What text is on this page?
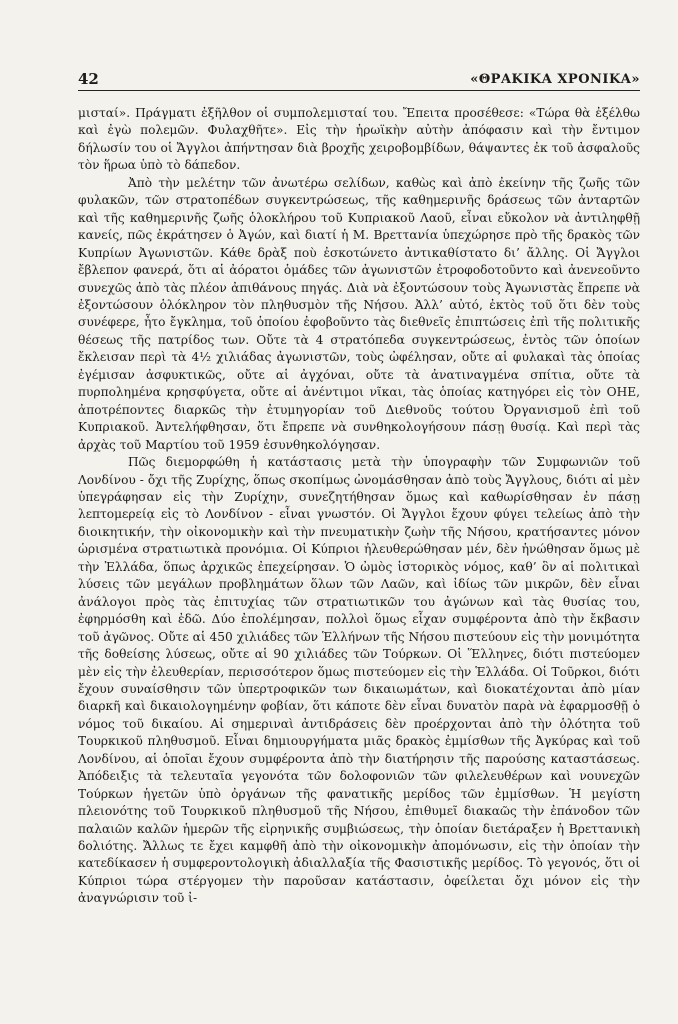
42	«ΘΡΑΚΙΚΑ ΧΡΟΝΙΚΑ»

μισταί». Πράγματι ἐξῆλθον οἱ συμπολεμισταί του. Ἔπειτα προσέθεσε: «Τώρα θὰ ἐξέλθω καὶ ἐγὼ πολεμῶν. Φυλαχθῆτε». Εἰς τὴν ἡρωϊκὴν αὐτὴν ἀπόφασιν καὶ τὴν ἔντιμον δήλωσίν του οἱ Ἄγγλοι ἀπήντησαν διὰ βροχῆς χειροβομβίδων, θάψαντες ἐκ τοῦ ἀσφαλοῦς τὸν ἥρωα ὑπὸ τὸ δάπεδον.

Ἀπὸ τὴν μελέτην τῶν ἀνωτέρω σελίδων, καθὼς καὶ ἀπὸ ἐκείνην τῆς ζωῆς τῶν φυλακῶν, τῶν στρατοπέδων συγκεντρώσεως, τῆς καθημερινῆς δράσεως τῶν ἀνταρτῶν καὶ τῆς καθημερινῆς ζωῆς ὁλοκλήρου τοῦ Κυπριακοῦ Λαοῦ, εἶναι εὔκολον νὰ ἀντιληφθῇ κανείς, πῶς ἐκράτησεν ὁ Ἀγών, καὶ διατί ἡ Μ. Βρεττανία ὑπεχώρησε πρὸ τῆς δρακὸς τῶν Κυπρίων Ἀγωνιστῶν. Κάθε δρὰξ ποὺ ἐσκοτώνετο ἀντικαθίστατο δι’ ἄλλης. Οἱ Ἄγγλοι ἔβλεπον φανερά, ὅτι αἱ ἀόρατοι ὁμάδες τῶν ἀγωνιστῶν ἐτροφοδοτοῦντο καὶ ἀνενεοῦντο συνεχῶς ἀπὸ τὰς πλέον ἀπιθάνους πηγάς. Διὰ νὰ ἐξοντώσουν τοὺς Ἀγωνιστὰς ἔπρεπε νὰ ἐξοντώσουν ὁλόκληρον τὸν πληθυσμὸν τῆς Νήσου. Ἀλλ’ αὐτό, ἐκτὸς τοῦ ὅτι δὲν τοὺς συνέφερε, ἦτο ἔγκλημα, τοῦ ὁποίου ἐφοβοῦντο τὰς διεθνεῖς ἐπιπτώσεις ἐπὶ τῆς πολιτικῆς θέσεως τῆς πατρίδος των. Οὔτε τὰ 4 στρατόπεδα συγκεντρώσεως, ἐντὸς τῶν ὁποίων ἔκλεισαν περὶ τὰ 4½ χιλιάδας ἀγωνιστῶν, τοὺς ὠφέλησαν, οὔτε αἱ φυλακαὶ τὰς ὁποίας ἐγέμισαν ἀσφυκτικῶς, οὔτε αἱ ἀγχόναι, οὔτε τὰ ἀνατιναγμένα σπίτια, οὔτε τὰ πυρπολημένα κρησφύγετα, οὔτε αἱ ἀνέντιμοι νῖκαι, τὰς ὁποίας κατηγόρει εἰς τὸν ΟΗΕ, ἀποτρέποντες διαρκῶς τὴν ἐτυμηγορίαν τοῦ Διεθνοῦς τούτου Ὀργανισμοῦ ἐπὶ τοῦ Κυπριακοῦ. Ἀντελήφθησαν, ὅτι ἔπρεπε νὰ συνθηκολογήσουν πάσῃ θυσίᾳ. Καὶ περὶ τὰς ἀρχὰς τοῦ Μαρτίου τοῦ 1959 ἐσυνθηκολόγησαν.

Πῶς διεμορφώθη ἡ κατάστασις μετὰ τὴν ὑπογραφὴν τῶν Συμφωνιῶν τοῦ Λονδίνου - ὄχι τῆς Ζυρίχης, ὅπως σκοπίμως ὠνομάσθησαν ἀπὸ τοὺς Ἄγγλους, διότι αἱ μὲν ὑπεγράφησαν εἰς τὴν Ζυρίχην, συνεζητήθησαν ὅμως καὶ καθωρίσθησαν ἐν πάσῃ λεπτομερείᾳ εἰς τὸ Λονδίνον - εἶναι γνωστόν. Οἱ Ἄγγλοι ἔχουν φύγει τελείως ἀπὸ τὴν διοικητικήν, τὴν οἰκονομικὴν καὶ τὴν πνευματικὴν ζωὴν τῆς Νήσου, κρατήσαντες μόνον ὡρισμένα στρατιωτικὰ προνόμια. Οἱ Κύπριοι ἠλευθερώθησαν μέν, δὲν ἡνώθησαν ὅμως μὲ τὴν Ἑλλάδα, ὅπως ἀρχικῶς ἐπεχείρησαν. Ὁ ὠμὸς ἱστορικὸς νόμος, καθ’ ὃν αἱ πολιτικαὶ λύσεις τῶν μεγάλων προβλημάτων ὅλων τῶν Λαῶν, καὶ ἰδίως τῶν μικρῶν, δὲν εἶναι ἀνάλογοι πρὸς τὰς ἐπιτυχίας τῶν στρατιωτικῶν του ἀγώνων καὶ τὰς θυσίας του, ἐφηρμόσθη καὶ ἐδῶ. Δύο ἐπολέμησαν, πολλοὶ ὅμως εἶχαν συμφέροντα ἀπὸ τὴν ἔκβασιν τοῦ ἀγῶνος. Οὔτε αἱ 450 χιλιάδες τῶν Ἑλλήνων τῆς Νήσου πιστεύουν εἰς τὴν μονιμότητα τῆς δοθείσης λύσεως, οὔτε αἱ 90 χιλιάδες τῶν Τούρκων. Οἱ Ἕλληνες, διότι πιστεύομεν μὲν εἰς τὴν ἐλευθερίαν, περισσότερον ὅμως πιστεύομεν εἰς τὴν Ἑλλάδα. Οἱ Τοῦρκοι, διότι ἔχουν συναίσθησιν τῶν ὑπερτροφικῶν των δικαιωμάτων, καὶ διοκατέχονται ἀπὸ μίαν διαρκῆ καὶ δικαιολογημένην φοβίαν, ὅτι κάποτε δὲν εἶναι δυνατὸν παρὰ νὰ ἐφαρμοσθῇ ὁ νόμος τοῦ δικαίου. Αἱ σημεριναὶ ἀντιδράσεις δὲν προέρχονται ἀπὸ τὴν ὁλότητα τοῦ Τουρκικοῦ πληθυσμοῦ. Εἶναι δημιουργήματα μιᾶς δρακὸς ἐμμίσθων τῆς Ἀγκύρας καὶ τοῦ Λονδίνου, αἱ ὁποῖαι ἔχουν συμφέροντα ἀπὸ τὴν διατήρησιν τῆς παρούσης καταστάσεως. Ἀπόδειξις τὰ τελευταῖα γεγονότα τῶν δολοφονιῶν τῶν φιλελευθέρων καὶ νουνεχῶν Τούρκων ἡγετῶν ὑπὸ ὀργάνων τῆς φανατικῆς μερίδος τῶν ἐμμίσθων. Ἡ μεγίστη πλειονότης τοῦ Τουρκικοῦ πληθυσμοῦ τῆς Νήσου, ἐπιθυμεῖ διακαῶς τὴν ἐπάνοδον τῶν παλαιῶν καλῶν ἡμερῶν τῆς εἰρηνικῆς συμβιώσεως, τὴν ὁποίαν διετάραξεν ἡ Βρεττανικὴ δολιότης. Ἄλλως τε ἔχει καμφθῆ ἀπὸ τὴν οἰκονομικὴν ἀπομόνωσιν, εἰς τὴν ὁποίαν τὴν κατεδίκασεν ἡ συμφεροντολογικὴ ἀδιαλλαξία τῆς Φασιστικῆς μερίδος. Τὸ γεγονός, ὅτι οἱ Κύπριοι τώρα στέργομεν τὴν παροῦσαν κατάστασιν, ὀφείλεται ὄχι μόνον εἰς τὴν ἀναγνώρισιν τοῦ ἰ-
